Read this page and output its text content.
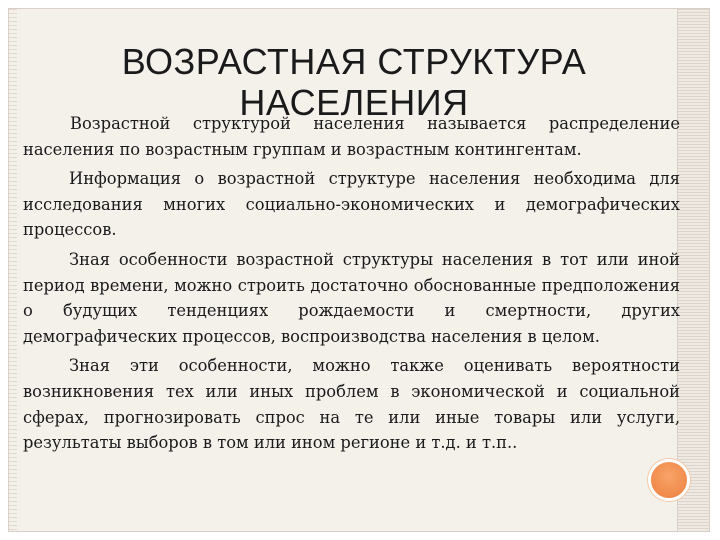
Возрастной структурой населения называется распределение населения по возрастным группам и возрастным контингентам.

Информация о возрастной структуре населения необходима для исследования многих социально-экономических и демографических процессов.

Зная особенности возрастной структуры населения в тот или иной период времени, можно строить достаточно обоснованные предположения о будущих тенденциях рождаемости и смертности, других демографических процессов, воспроизводства населения в целом.

Зная эти особенности, можно также оценивать вероятности возникновения тех или иных проблем в экономической и социальной сферах, прогнозировать спрос на те или иные товары или услуги, результаты выборов в том или ином регионе и т.д. и т.п..

ВОЗРАСТНАЯ СТРУКТУРА
НАСЕЛЕНИЯ
